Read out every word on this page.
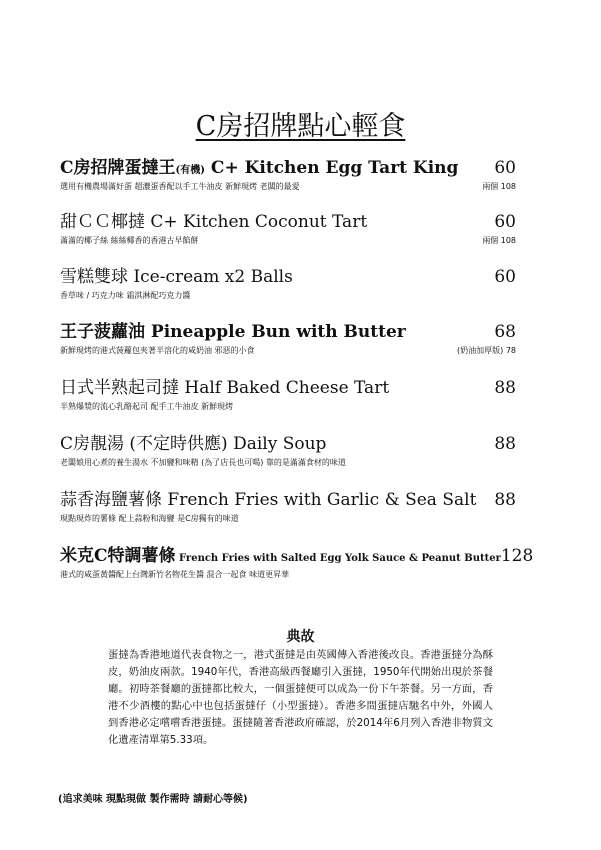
C房招牌點心輕食
C房招牌蛋撻王(有機) C+ Kitchen Egg Tart King 60
選用有機農場滿好蛋 超濃蛋香配以手工牛油皮 新鮮現烤 老闆的最愛	兩個 108
甜ＣＣ椰撻 C+ Kitchen Coconut Tart	60
滿滿的椰子絲 絲絲椰香的香港古早餡餅	兩個 108
雪糕雙球 Ice-cream x2 Balls	60
香草味 / 巧克力味 霜淇淋配巧克力醬
王子菠蘿油 Pineapple Bun with Butter	68
新鮮現烤的港式菠蘿包夾著半溶化的咸奶油 邪惡的小食	(奶油加厚版) 78
日式半熟起司撻 Half Baked Cheese Tart	88
半熟爆漿的流心乳酪起司 配手工牛油皮 新鮮現烤
C房靚湯 (不定時供應) Daily Soup	88
老闆娘用心煮的養生湯水 不加鹽和味精 (為了店長也可喝) 靠的是滿滿食材的味道
蒜香海鹽薯條 French Fries with Garlic & Sea Salt 88
現點現炸的薯條 配上蒜粉和海鹽 是C房獨有的味道
米克C特調薯條 French Fries with Salted Egg Yolk Sauce & Peanut Butter 128
港式的咸蛋黃醬配上台灣新竹名物花生醬 混合一起食 味道更昇華
典故
蛋撻為香港地道代表食物之一，港式蛋撻是由英國傳入香港後改良。香港蛋撻分為酥皮，奶油皮兩款。1940年代，香港高級西餐廳引入蛋撻，1950年代開始出現於茶餐廳。初時茶餐廳的蛋撻都比較大，一個蛋撻便可以成為一份下午茶餐。另一方面，香港不少酒樓的點心中也包括蛋撻仔（小型蛋撻）。香港多間蛋撻店馳名中外，外國人到香港必定嚐嚐香港蛋撻。蛋撻隨著香港政府確認，於2014年6月列入香港非物質文化遺產清單第5.33項。
(追求美味 現點現做 製作需時 請耐心等候)
